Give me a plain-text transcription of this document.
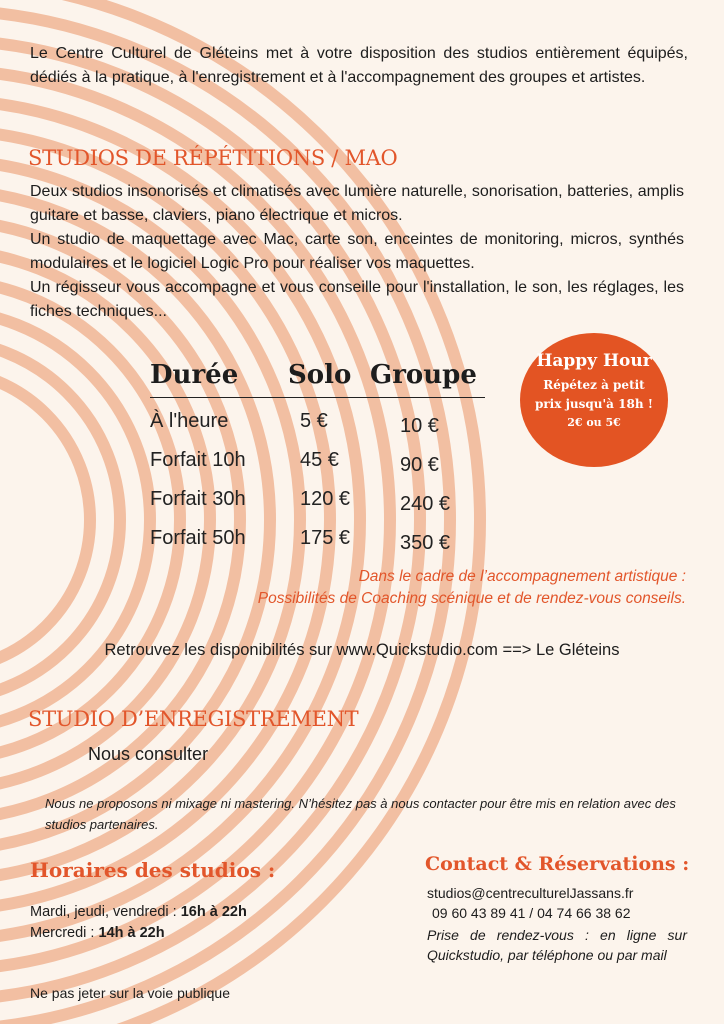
Le Centre Culturel de Gléteins met à votre disposition des studios entièrement équipés, dédiés à la pratique, à l'enregistrement et à l'accompagnement des groupes et artistes.
STUDIOS DE RÉPÉTITIONS / MAO

Deux studios insonorisés et climatisés avec lumière naturelle, sonorisation, batteries, amplis guitare et basse, claviers, piano électrique et micros.

Un studio de maquettage avec Mac, carte son, enceintes de monitoring, micros, synthés modulaires et le logiciel Logic Pro pour réaliser vos maquettes.

Un régisseur vous accompagne et vous conseille pour l'installation, le son, les réglages, les fiches techniques...

Durée	Solo Groupe
À l'heure	5 €	10 €
Forfait 10h	45 €	90 €
Forfait 30h	120 €	240 €
Forfait 50h	175 €	350 €
Happy Hour
Répétez à petit
prix jusqu'à 18h !
2€ ou 5€
Dans le cadre de l’accompagnement artistique :
Possibilités de Coaching scénique et de rendez-vous conseils.
Retrouvez les disponibilités sur www.Quickstudio.com ==> Le Gléteins
STUDIO D’ENREGISTREMENT
Nous consulter
Nous ne proposons ni mixage ni mastering. N’hésitez pas à nous contacter pour être mis en relation avec des studios partenaires.
Horaires des studios :
Mardi, jeudi, vendredi : 16h à 22h
Mercredi : 14h à 22h
Contact & Réservations :
studios@centreculturelJassans.fr
09 60 43 89 41 / 04 74 66 38 62
Prise de rendez-vous : en ligne sur Quickstudio, par téléphone ou par mail
Ne pas jeter sur la voie publique
